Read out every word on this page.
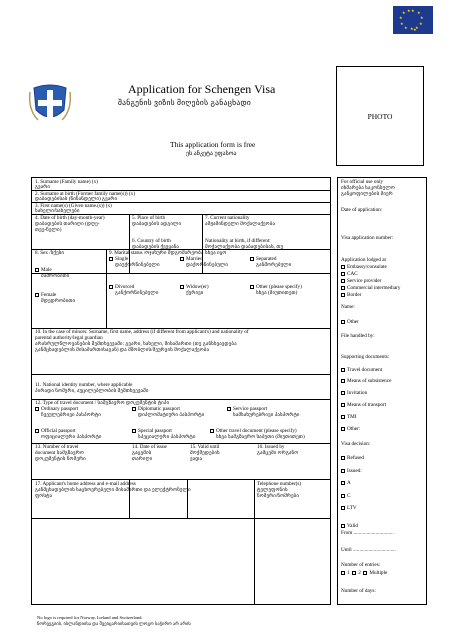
★ ★
★
★
★
★
★
★
★
★ ★
★
Application for Schengen Visa
შანგენის ვიზის მიღების განაცხადი
This application form is free
ეს ანკეტა უფასოა
PHOTO
1. Surname (Family name) (x)
გვარი
2. Surname at birth (Former family name(s)) (x)
დაბადებისას (წინანდელი) გვარი
3. First name(s) (Given name.(s)) (x)
სახელი/სახელები
4. Date of birth (day-month-year)
დაბადების თარიღი (დღე-
თვე-წელი)
5. Place of birth
დაბადების ადგილი
6. Country of birth
დაბადების ქვეყანა
7. Current nationality
ამჟამინდელი მოქალაქეობა
Nationality at birth, if different:
მოქალაქეობა დაბადებისას, თუ
სხვა იყო
8. Sex /სქესი
Male
მამრობითი
Female
მდედრობითი
9. Marital status /ოჯახური მდგომარეობა
Single
დაუქორწინებელი
Married
დაქორწინებული
Separated
განშორებული
Divorced
განქორწინებული
Widow(er)
ქვრივი
Other (please specify)
სხვა (მიუთითეთ)
10. In the case of minors: Surname, first name, address (if different from applicant's) and nationality of
parental authority/legal guardian
არასრულწლოვანების შემთხვევაში: გვარი, სახელი, მისამართი (თუ განსხვავდება
განმცხადებლის მისამართისაგან) და მშობლის/მეურვის მოქალაქეობა
11. National identity number, where applicable
პირადი ნომერი, აუცილებლობის შემთხვევაში
12. Type of travel document / სამგზავრო დოკუმენტის ტიპი
Ordinary passport
ჩვეულებრივი პასპორტი
Diplomatic passport
დიპლომატიური პასპორტი
Service passport
სამსახურებრივი პასპორტი
Official passport
ოფიციალური პასპორტი
Special passport
სპეციალური პასპორტი
Other travel document (please specify)
სხვა სამგზავრო საბუთი (მიუთითეთ)
13. Number of travel
document სამგზავრო
დოკუმენტის ნომერი
14. Date of issue
გაცემის
თარიღი
15. Valid until
მოქმედების
ვადა
16. Issued by
გამცემი ორგანო
17. Applicant's home address and e-mail address
განმცხადებლის საცხოვრებელი მისამართი და ელექტრონული
ფოსტა
Telephone number(s)
ტელეფონის
ნომერი/ნომრები
For official use only
იხმარება საკონსულო
განყოფილების მიერ
Date of application:
Visa application number:
Application lodged at
Embassy/consulate
CAC
Service provider
Commercial intermediary
Border
Name:
Other
File handled by:
Supporting documents:
Travel document
Means of subsistence
Invitation
Means of transport
TMI
Other:
Visa decision:
Refused
Issued:
A
C
LTV
Valid
From ...............................
Until .................................
Number of entries:
1 2 Multiple
Number of days:
No logo is required for Norway, Iceland and Switzerland.
ნორვეგიის, ისლანდიისა და შვეიცარიისათვის ლოგო საჭირო არ არის
